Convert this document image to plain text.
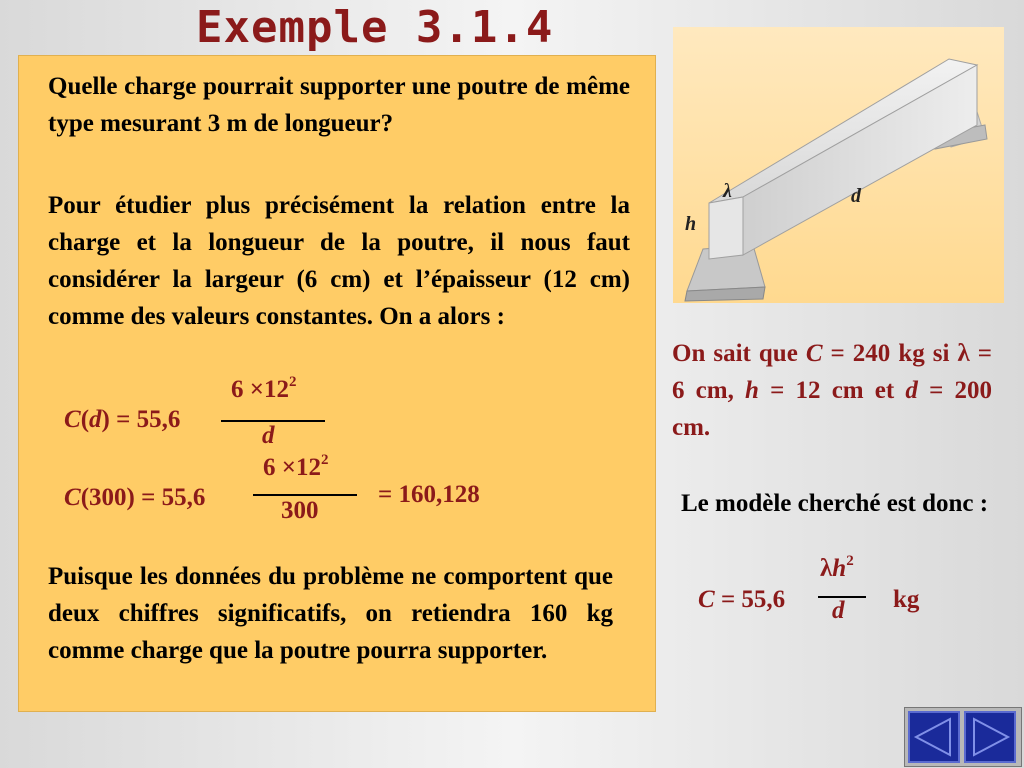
Exemple 3.1.4
Quelle charge pourrait supporter une poutre de même type mesurant 3 m de longueur?
Pour étudier plus précisément la relation entre la charge et la longueur de la poutre, il nous faut considérer la largeur (6 cm) et l’épaisseur (12 cm) comme des valeurs constantes. On a alors :
C(d) = 55,6
$6 \times 12^2$
d
C(300) = 55,6
$6 \times 12^2$
300
= 160,128
Puisque les données du problème ne comportent que deux chiffres significatifs, on retiendra 160 kg comme charge que la poutre pourra supporter.
λ
h
d
On sait que C = 240 kg si λ = 6 cm, h = 12 cm et d = 200 cm.
Le modèle cherché est donc :
C = 55,6
$\lambda h^2$
d kg
